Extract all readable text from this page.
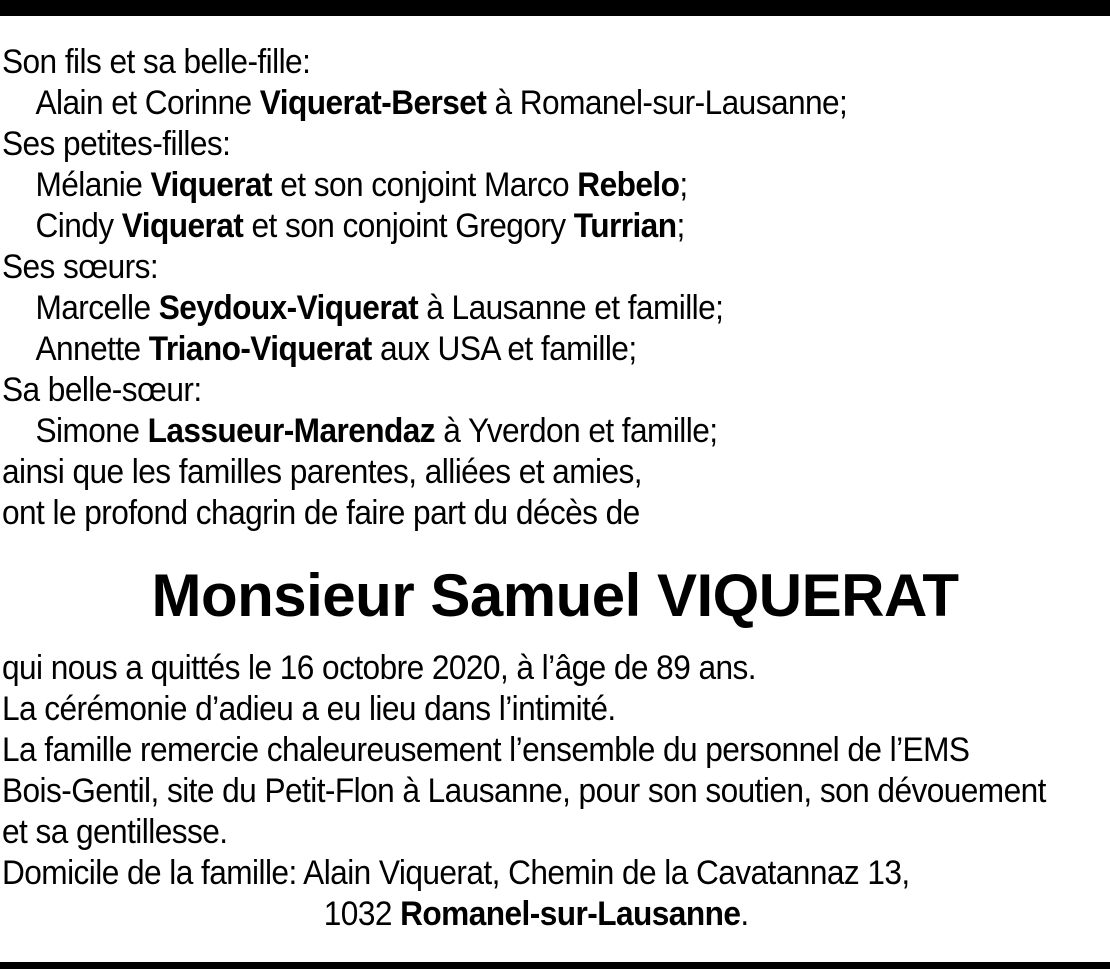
Son fils et sa belle-fille:
Alain et Corinne Viquerat-Berset à Romanel-sur-Lausanne;
Ses petites-filles:
Mélanie Viquerat et son conjoint Marco Rebelo;
Cindy Viquerat et son conjoint Gregory Turrian;
Ses sœurs:
Marcelle Seydoux-Viquerat à Lausanne et famille;
Annette Triano-Viquerat aux USA et famille;
Sa belle-sœur:
Simone Lassueur-Marendaz à Yverdon et famille;
ainsi que les familles parentes, alliées et amies,
ont le profond chagrin de faire part du décès de
Monsieur Samuel VIQUERAT
qui nous a quittés le 16 octobre 2020, à l’âge de 89 ans.
La cérémonie d’adieu a eu lieu dans l’intimité.
La famille remercie chaleureusement l’ensemble du personnel de l’EMS
Bois-Gentil, site du Petit-Flon à Lausanne, pour son soutien, son dévouement
et sa gentillesse.
Domicile de la famille: Alain Viquerat, Chemin de la Cavatannaz 13,
1032 Romanel-sur-Lausanne.
